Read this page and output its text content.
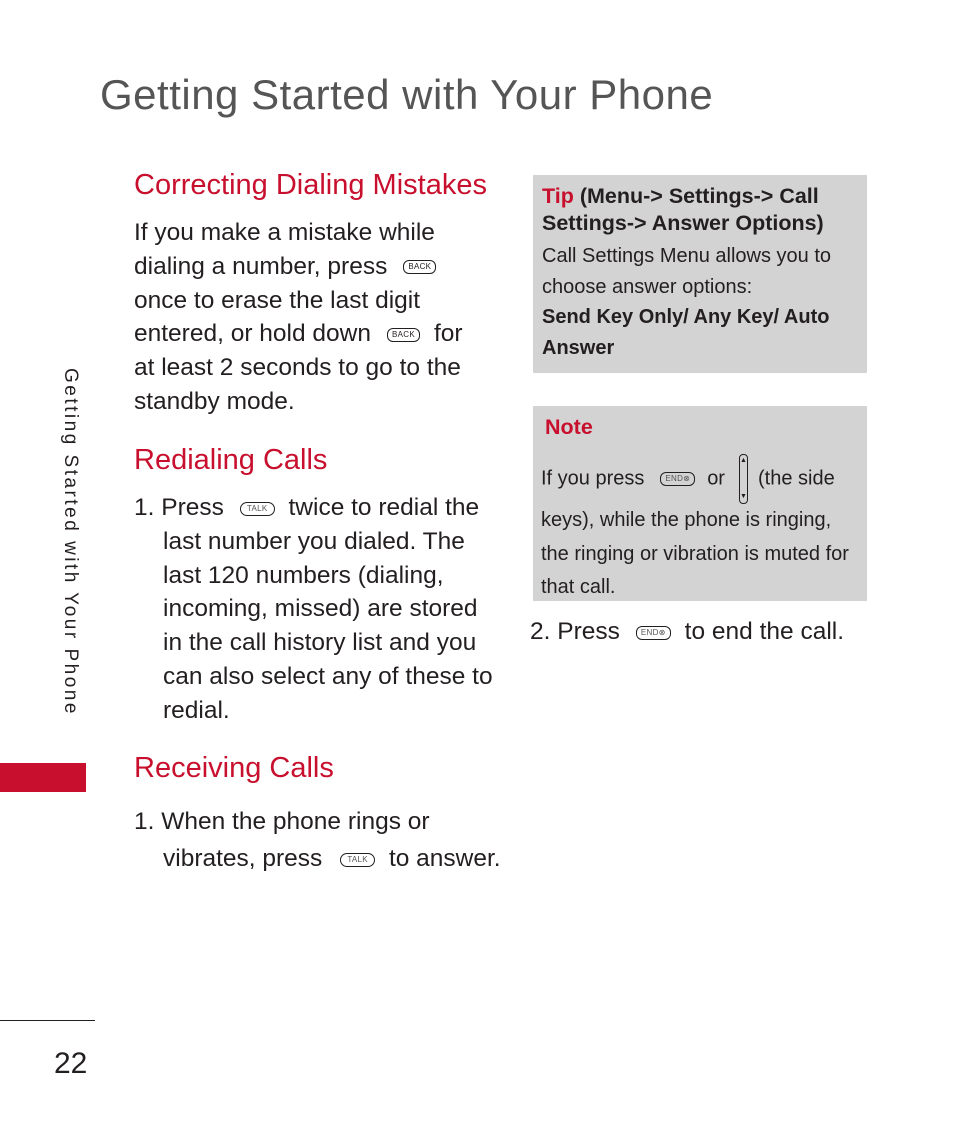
Getting Started with Your Phone
Getting Started with Your Phone
22
Correcting Dialing Mistakes
If you make a mistake while
dialing a number, press	BACK
once to erase the last digit
entered, or hold down	BACK for
at least 2 seconds to go to the
standby mode.
Redialing Calls
1. Press	TALK twice to redial the
last number you dialed. The
last 120 numbers (dialing,
incoming, missed) are stored
in the call history list and you
can also select any of these to
redial.
Receiving Calls
1. When the phone rings or
vibrates, press	TALK to answer.
Tip (Menu-> Settings-> Call
Settings-> Answer Options)
Call Settings Menu allows you to
choose answer options:
Send Key Only/ Any Key/ Auto
Answer
Note
If you press	END⊗ or
▲
▼
(the side
keys), while the phone is ringing,
the ringing or vibration is muted for
that call.
2. Press	END⊗ to end the call.
